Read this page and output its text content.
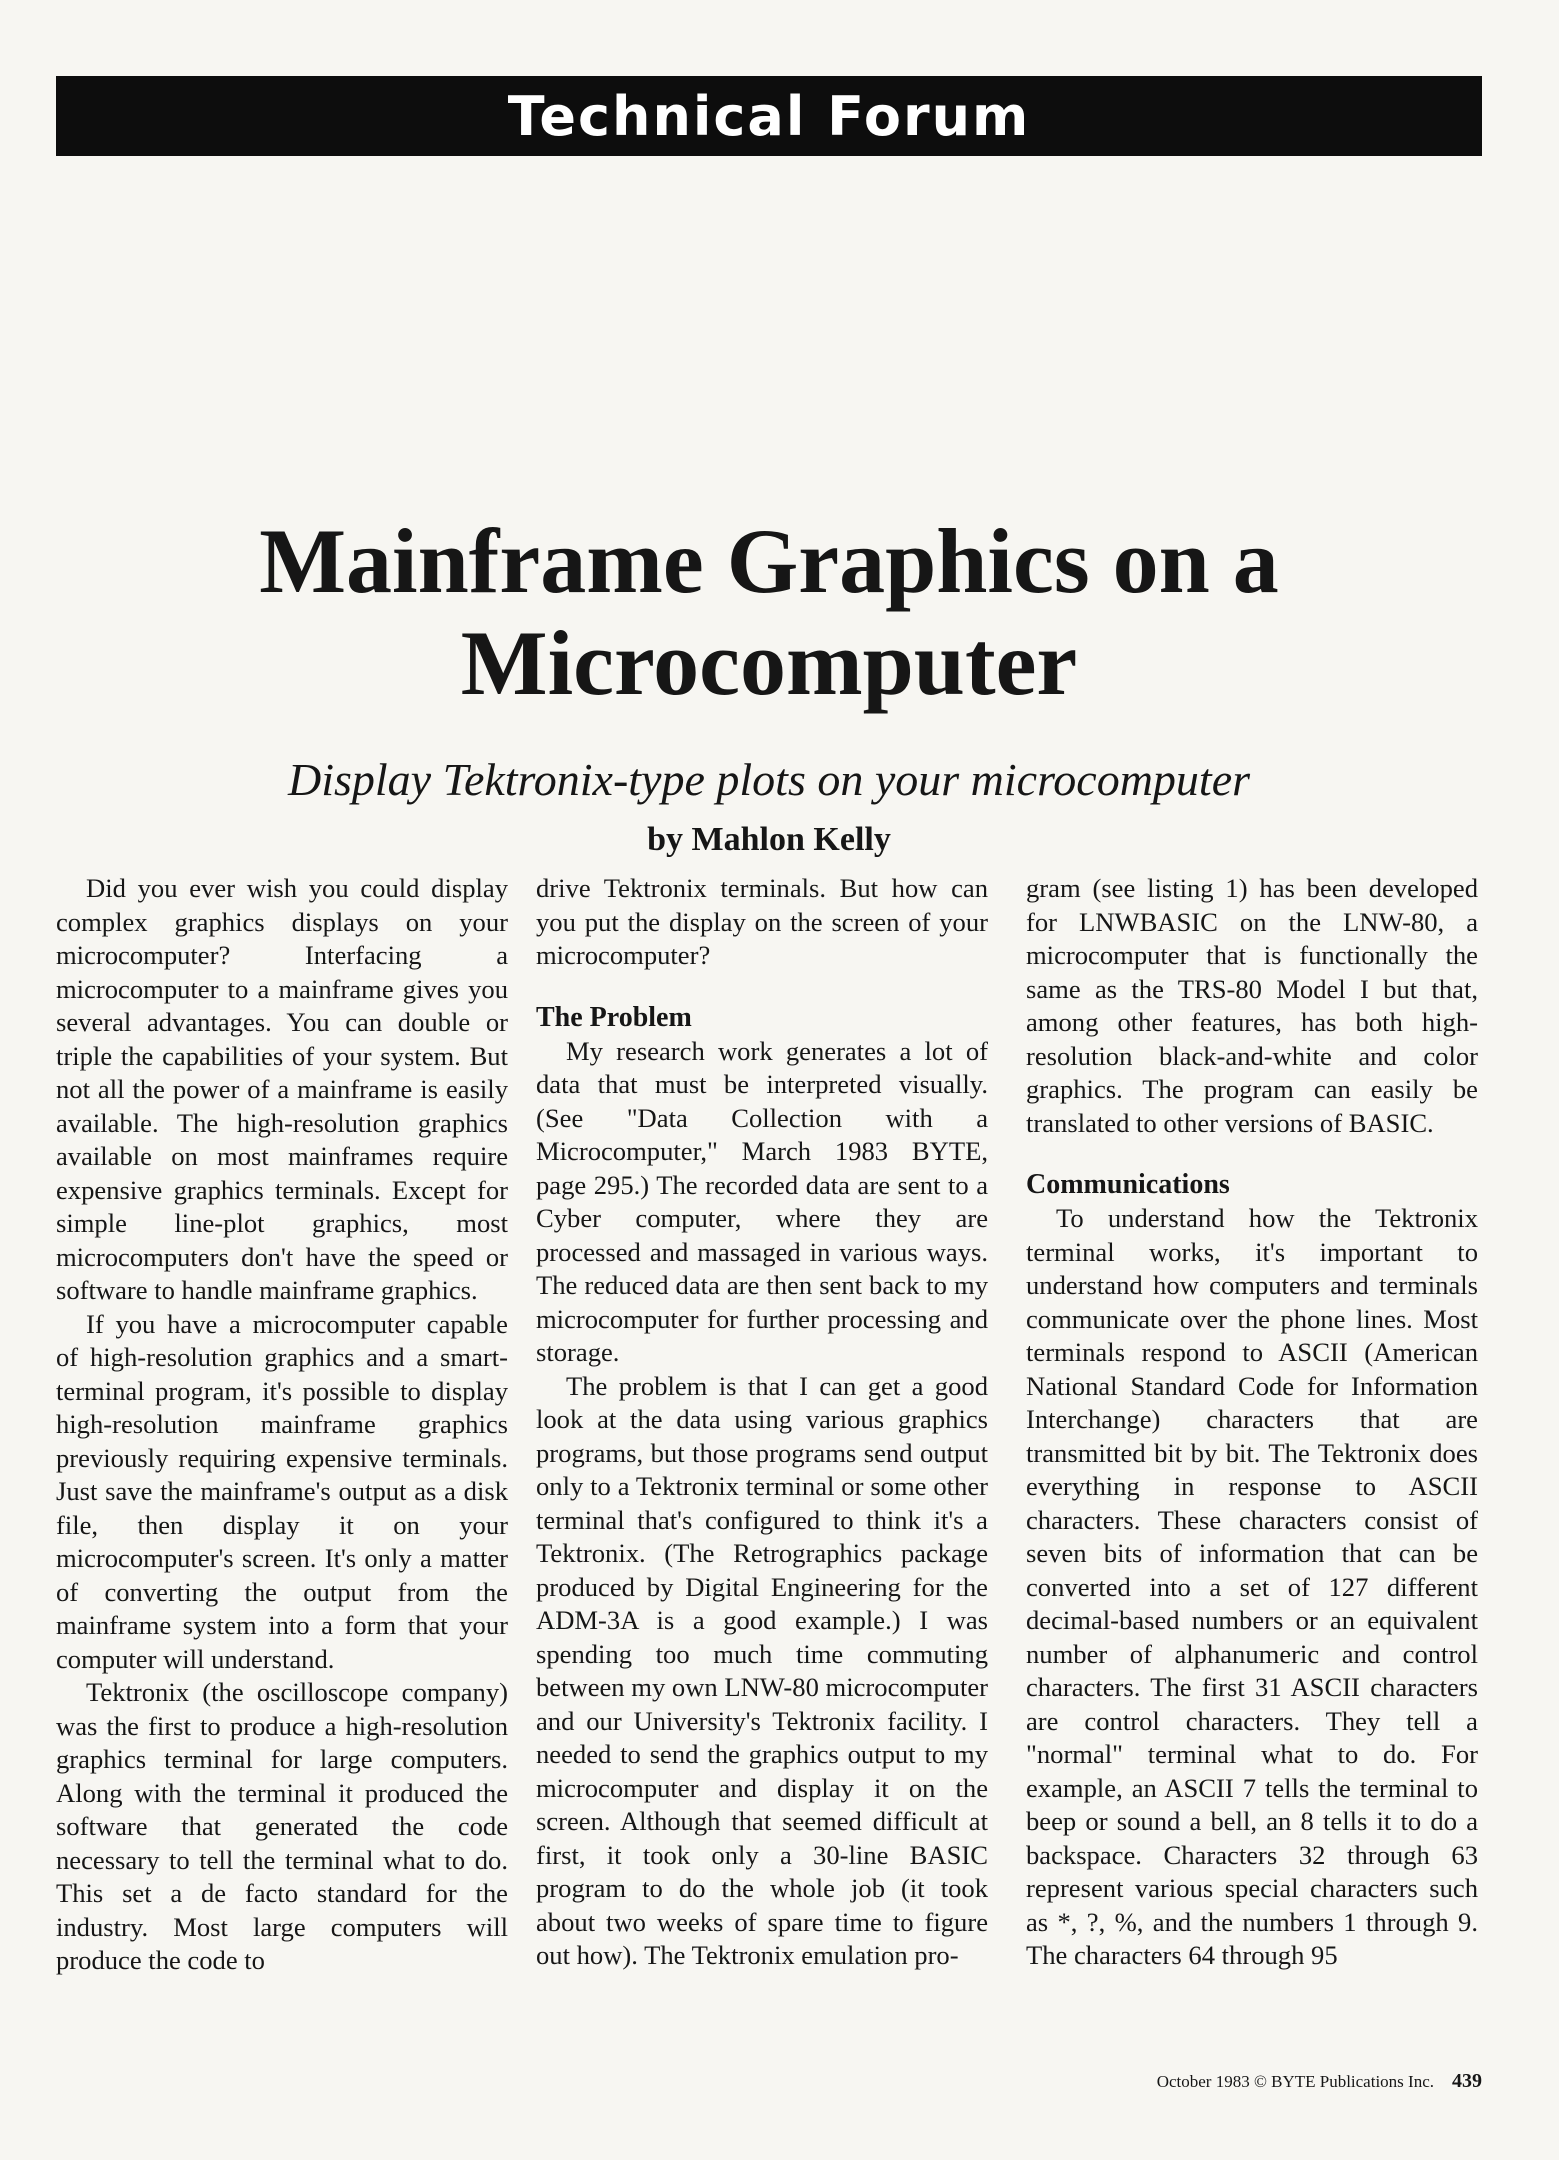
Technical Forum
Mainframe Graphics on a
Microcomputer
Display Tektronix-type plots on your microcomputer
by Mahlon Kelly

Did you ever wish you could display complex graphics displays on your microcomputer? Interfacing a microcomputer to a mainframe gives you several advantages. You can double or triple the capabilities of your system. But not all the power of a mainframe is easily available. The high-resolution graphics available on most mainframes require expensive graphics terminals. Except for simple line-plot graphics, most microcomputers don't have the speed or software to handle mainframe graphics.

If you have a microcomputer capable of high-resolution graphics and a smart-terminal program, it's possible to display high-resolution mainframe graphics previously requiring expensive terminals. Just save the mainframe's output as a disk file, then display it on your microcomputer's screen. It's only a matter of converting the output from the mainframe system into a form that your computer will understand.

Tektronix (the oscilloscope company) was the first to produce a high-resolution graphics terminal for large computers. Along with the terminal it produced the software that generated the code necessary to tell the terminal what to do. This set a de facto standard for the industry. Most large computers will produce the code to

drive Tektronix terminals. But how can you put the display on the screen of your microcomputer?

The Problem

My research work generates a lot of data that must be interpreted visually. (See "Data Collection with a Microcomputer," March 1983 BYTE, page 295.) The recorded data are sent to a Cyber computer, where they are processed and massaged in various ways. The reduced data are then sent back to my microcomputer for further processing and storage.

The problem is that I can get a good look at the data using various graphics programs, but those programs send output only to a Tektronix terminal or some other terminal that's configured to think it's a Tektronix. (The Retrographics package produced by Digital Engineering for the ADM-3A is a good example.) I was spending too much time commuting between my own LNW-80 microcomputer and our University's Tektronix facility. I needed to send the graphics output to my microcomputer and display it on the screen. Although that seemed difficult at first, it took only a 30-line BASIC program to do the whole job (it took about two weeks of spare time to figure out how). The Tektronix emulation pro-

gram (see listing 1) has been developed for LNWBASIC on the LNW-80, a microcomputer that is functionally the same as the TRS-80 Model I but that, among other features, has both high-resolution black-and-white and color graphics. The program can easily be translated to other versions of BASIC.

Communications

To understand how the Tektronix terminal works, it's important to understand how computers and terminals communicate over the phone lines. Most terminals respond to ASCII (American National Standard Code for Information Interchange) characters that are transmitted bit by bit. The Tektronix does everything in response to ASCII characters. These characters consist of seven bits of information that can be converted into a set of 127 different decimal-based numbers or an equivalent number of alphanumeric and control characters. The first 31 ASCII characters are control characters. They tell a "normal" terminal what to do. For example, an ASCII 7 tells the terminal to beep or sound a bell, an 8 tells it to do a backspace. Characters 32 through 63 represent various special characters such as *, ?, %, and the numbers 1 through 9. The characters 64 through 95

October 1983 © BYTE Publications Inc. 439
